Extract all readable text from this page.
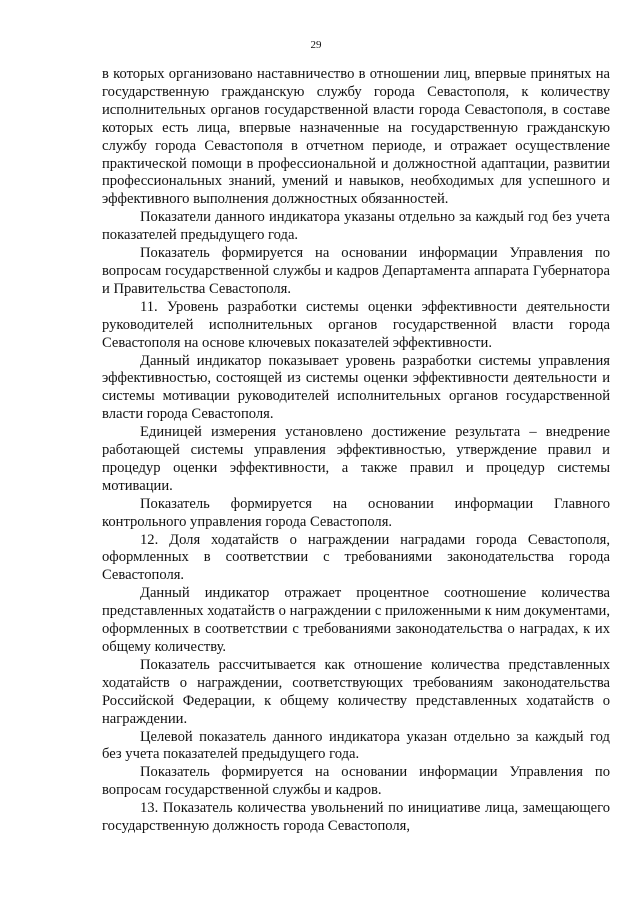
29

в которых организовано наставничество в отношении лиц, впервые принятых на государственную гражданскую службу города Севастополя, к количеству исполнительных органов государственной власти города Севастополя, в составе которых есть лица, впервые назначенные на государственную гражданскую службу города Севастополя в отчетном периоде, и отражает осуществление практической помощи в профессиональной и должностной адаптации, развитии профессиональных знаний, умений и навыков, необходимых для успешного и эффективного выполнения должностных обязанностей.

Показатели данного индикатора указаны отдельно за каждый год без учета показателей предыдущего года.

Показатель формируется на основании информации Управления по вопросам государственной службы и кадров Департамента аппарата Губернатора и Правительства Севастополя.

11. Уровень разработки системы оценки эффективности деятельности руководителей исполнительных органов государственной власти города Севастополя на основе ключевых показателей эффективности.

Данный индикатор показывает уровень разработки системы управления эффективностью, состоящей из системы оценки эффективности деятельности и системы мотивации руководителей исполнительных органов государственной власти города Севастополя.

Единицей измерения установлено достижение результата – внедрение работающей системы управления эффективностью, утверждение правил и процедур оценки эффективности, а также правил и процедур системы мотивации.

Показатель формируется на основании информации Главного контрольного управления города Севастополя.

12. Доля ходатайств о награждении наградами города Севастополя, оформленных в соответствии с требованиями законодательства города Севастополя.

Данный индикатор отражает процентное соотношение количества представленных ходатайств о награждении с приложенными к ним документами, оформленных в соответствии с требованиями законодательства о наградах, к их общему количеству.

Показатель рассчитывается как отношение количества представленных ходатайств о награждении, соответствующих требованиям законодательства Российской Федерации, к общему количеству представленных ходатайств о награждении.

Целевой показатель данного индикатора указан отдельно за каждый год без учета показателей предыдущего года.

Показатель формируется на основании информации Управления по вопросам государственной службы и кадров.

13. Показатель количества увольнений по инициативе лица, замещающего государственную должность города Севастополя,
